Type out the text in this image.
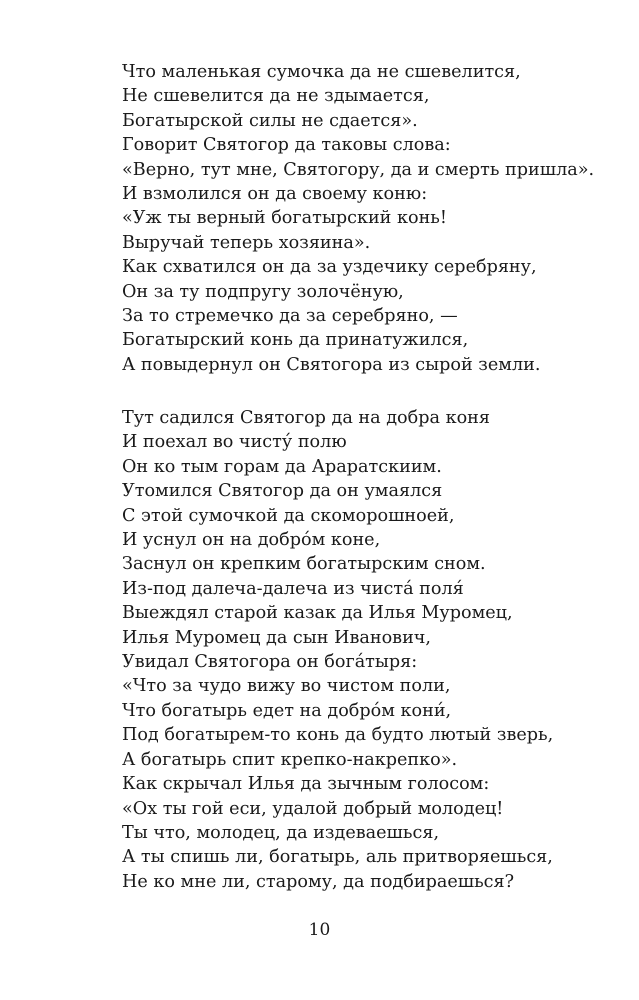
Что маленькая сумочка да не сшевелится,
Не сшевелится да не здымается,
Богатырской силы не сдается».
Говорит Святогор да таковы слова:
«Верно, тут мне, Святогору, да и смерть пришла».
И взмолился он да своему коню:
«Уж ты верный богатырский конь!
Выручай теперь хозяина».
Как схватился он да за уздечику серебряну,
Он за ту подпругу золочёную,
За то стремечко да за серебряно, —
Богатырский конь да принатужился,
А повыдернул он Святогора из сырой земли.
Тут садился Святогор да на добра коня
И поехал во чисту́ полю
Он ко тым горам да Араратскиим.
Утомился Святогор да он умаялся
С этой сумочкой да скоморошноей,
И уснул он на добро́м коне,
Заснул он крепким богатырским сном.
Из-под далеча-далеча из чиста́ поля́
Выеждял старой казак да Илья Муромец,
Илья Муромец да сын Иванович,
Увидал Святогора он бога́тыря:
«Что за чудо вижу во чистом поли,
Что богатырь едет на добро́м кони́,
Под богатырем-то конь да будто лютый зверь,
А богатырь спит крепко-накрепко».
Как скрычал Илья да зычным голосом:
«Ох ты гой еси, удалой добрый молодец!
Ты что, молодец, да издеваешься,
А ты спишь ли, богатырь, аль притворяешься,
Не ко мне ли, старому, да подбираешься?
10
